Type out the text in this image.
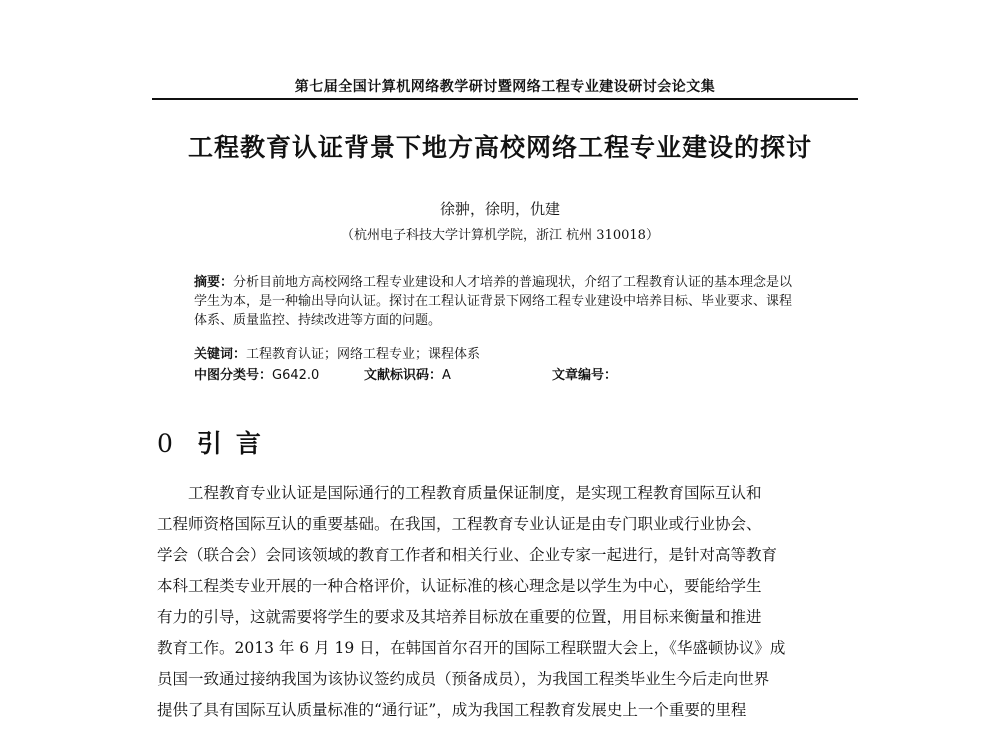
第七届全国计算机网络教学研讨暨网络工程专业建设研讨会论文集
工程教育认证背景下地方高校网络工程专业建设的探讨
徐翀，徐明，仇建
（杭州电子科技大学计算机学院，浙江 杭州 310018）
摘要：分析目前地方高校网络工程专业建设和人才培养的普遍现状，介绍了工程教育认证的基本理念是以学生为本，是一种输出导向认证。探讨在工程认证背景下网络工程专业建设中培养目标、毕业要求、课程体系、质量监控、持续改进等方面的问题。
关键词：工程教育认证；网络工程专业；课程体系
中图分类号：G642.0	文献标识码：A	文章编号：
0 引言
工程教育专业认证是国际通行的工程教育质量保证制度，是实现工程教育国际互认和
工程师资格国际互认的重要基础。在我国，工程教育专业认证是由专门职业或行业协会、
学会（联合会）会同该领域的教育工作者和相关行业、企业专家一起进行，是针对高等教育
本科工程类专业开展的一种合格评价，认证标准的核心理念是以学生为中心，要能给学生
有力的引导，这就需要将学生的要求及其培养目标放在重要的位置，用目标来衡量和推进
教育工作。2013 年 6 月 19 日，在韩国首尔召开的国际工程联盟大会上，《华盛顿协议》成
员国一致通过接纳我国为该协议签约成员（预备成员），为我国工程类毕业生今后走向世界
提供了具有国际互认质量标准的“通行证”，成为我国工程教育发展史上一个重要的里程
